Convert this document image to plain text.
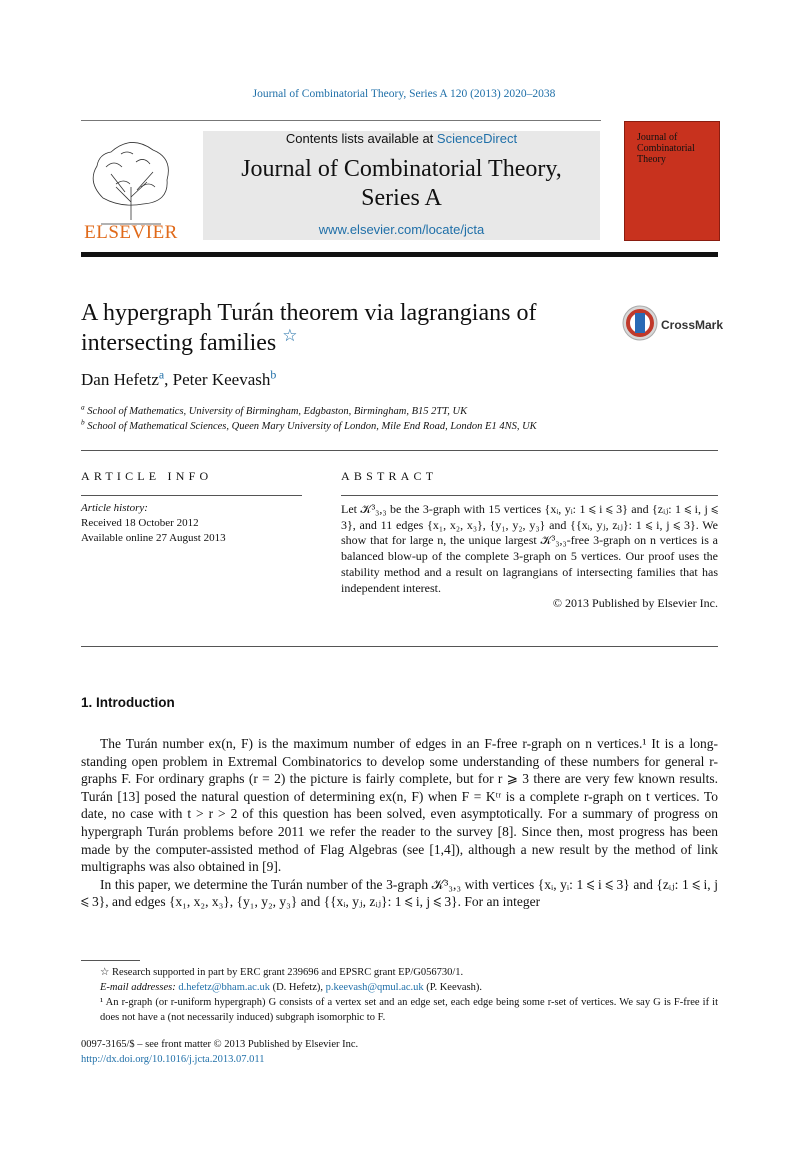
Journal of Combinatorial Theory, Series A 120 (2013) 2020–2038
ELSEVIER
Contents lists available at ScienceDirect
Journal of Combinatorial Theory,
Series A
www.elsevier.com/locate/jcta
Journal of Combinatorial Theory
A hypergraph Turán theorem via lagrangians of
intersecting families ☆
CrossMark
Dan Hefetz$^a$, Peter Keevash$^b$
$^a$ School of Mathematics, University of Birmingham, Edgbaston, Birmingham, B15 2TT, UK
$^b$ School of Mathematical Sciences, Queen Mary University of London, Mile End Road, London E1 4NS, UK
ARTICLE INFO	ABSTRACT
Article history:
Received 18 October 2012
Available online 27 August 2013
Let 𝒦³₃,₃ be the 3-graph with 15 vertices {xᵢ, yᵢ: 1 ⩽ i ⩽ 3} and {zᵢⱼ: 1 ⩽ i, j ⩽ 3}, and 11 edges {x₁, x₂, x₃}, {y₁, y₂, y₃} and {{xᵢ, yⱼ, zᵢⱼ}: 1 ⩽ i, j ⩽ 3}. We show that for large n, the unique largest 𝒦³₃,₃-free 3-graph on n vertices is a balanced blow-up of the complete 3-graph on 5 vertices. Our proof uses the stability method and a result on lagrangians of intersecting families that has independent interest.
© 2013 Published by Elsevier Inc.
1. Introduction

The Turán number ex(n, F) is the maximum number of edges in an F-free r-graph on n vertices.¹ It is a long-standing open problem in Extremal Combinatorics to develop some understanding of these numbers for general r-graphs F. For ordinary graphs (r = 2) the picture is fairly complete, but for r ⩾ 3 there are very few known results. Turán [13] posed the natural question of determining ex(n, F) when F = Kᵗʳ is a complete r-graph on t vertices. To date, no case with t > r > 2 of this question has been solved, even asymptotically. For a summary of progress on hypergraph Turán problems before 2011 we refer the reader to the survey [8]. Since then, most progress has been made by the computer-assisted method of Flag Algebras (see [1,4]), although a new result by the method of link multigraphs was also obtained in [9].

In this paper, we determine the Turán number of the 3-graph 𝒦³₃,₃ with vertices {xᵢ, yᵢ: 1 ⩽ i ⩽ 3} and {zᵢⱼ: 1 ⩽ i, j ⩽ 3}, and edges {x₁, x₂, x₃}, {y₁, y₂, y₃} and {{xᵢ, yⱼ, zᵢⱼ}: 1 ⩽ i, j ⩽ 3}. For an integer

☆ Research supported in part by ERC grant 239696 and EPSRC grant EP/G056730/1.
E-mail addresses: d.hefetz@bham.ac.uk (D. Hefetz), p.keevash@qmul.ac.uk (P. Keevash).
¹ An r-graph (or r-uniform hypergraph) G consists of a vertex set and an edge set, each edge being some r-set of vertices. We say G is F-free if it does not have a (not necessarily induced) subgraph isomorphic to F.
0097-3165/$ – see front matter © 2013 Published by Elsevier Inc.
http://dx.doi.org/10.1016/j.jcta.2013.07.011
